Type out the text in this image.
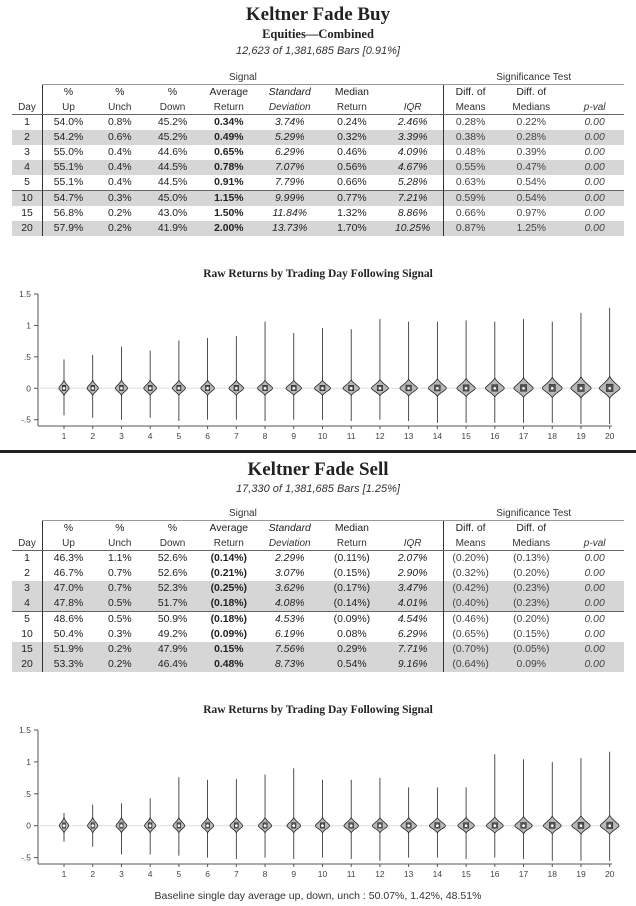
Keltner Fade Buy
Equities—Combined
12,623 of 1,381,685 Bars [0.91%]
	Signal							Significance Test		
	%	%	%	Average	Standard	Median		Diff. of	Diff. of	
Day	Up	Unch	Down	Return	Deviation	Return	IQR	Means	Medians	p-val
1	54.0%	0.8%	45.2%	0.34%	3.74%	0.24%	2.46%	0.28%	0.22%	0.00
2	54.2%	0.6%	45.2%	0.49%	5.29%	0.32%	3.39%	0.38%	0.28%	0.00
3	55.0%	0.4%	44.6%	0.65%	6.29%	0.46%	4.09%	0.48%	0.39%	0.00
4	55.1%	0.4%	44.5%	0.78%	7.07%	0.56%	4.67%	0.55%	0.47%	0.00
5	55.1%	0.4%	44.5%	0.91%	7.79%	0.66%	5.28%	0.63%	0.54%	0.00
10	54.7%	0.3%	45.0%	1.15%	9.99%	0.77%	7.21%	0.59%	0.54%	0.00
15	56.8%	0.2%	43.0%	1.50%	11.84%	1.32%	8.86%	0.66%	0.97%	0.00
20	57.9%	0.2%	41.9%	2.00%	13.73%	1.70%	10.25%	0.87%	1.25%	0.00
Raw Returns by Trading Day Following Signal
-.5
0
.5
1
1.5
1	2	3	4	5	6	7	8	9	10 11 12 13 14 15 16 17 18 19 20
Keltner Fade Sell
17,330 of 1,381,685 Bars [1.25%]
	Signal							Significance Test		
	%	%	%	Average	Standard	Median		Diff. of	Diff. of	
Day	Up	Unch	Down	Return	Deviation	Return	IQR	Means	Medians	p-val
1	46.3%	1.1%	52.6%	(0.14%)	2.29%	(0.11%)	2.07%	(0.20%)	(0.13%)	0.00
2	46.7%	0.7%	52.6%	(0.21%)	3.07%	(0.15%)	2.90%	(0.32%)	(0.20%)	0.00
3	47.0%	0.7%	52.3%	(0.25%)	3.62%	(0.17%)	3.47%	(0.42%)	(0.23%)	0.00
4	47.8%	0.5%	51.7%	(0.18%)	4.08%	(0.14%)	4.01%	(0.40%)	(0.23%)	0.00
5	48.6%	0.5%	50.9%	(0.18%)	4.53%	(0.09%)	4.54%	(0.46%)	(0.20%)	0.00
10	50.4%	0.3%	49.2%	(0.09%)	6.19%	0.08%	6.29%	(0.65%)	(0.15%)	0.00
15	51.9%	0.2%	47.9%	0.15%	7.56%	0.29%	7.71%	(0.70%)	(0.05%)	0.00
20	53.3%	0.2%	46.4%	0.48%	8.73%	0.54%	9.16%	(0.64%)	0.09%	0.00
Raw Returns by Trading Day Following Signal
-.5
0
.5
1
1.5
1	2	3	4	5	6	7	8	9	10 11 12 13 14 15 16 17 18 19 20
Baseline single day average up, down, unch : 50.07%, 1.42%, 48.51%
